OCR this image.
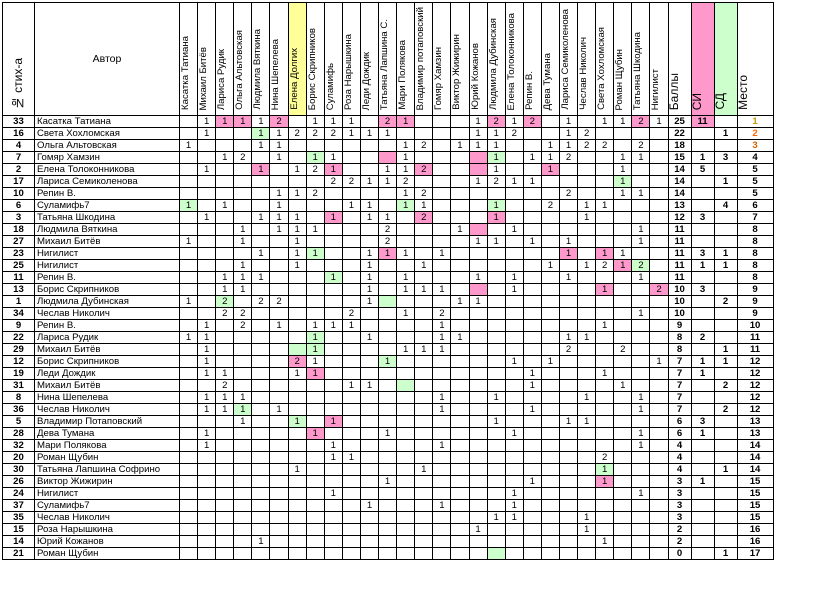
№ стих-а	Автор	Касатка Татиана	Михаил Битёв	Лариса Рудик	Ольга Альтовская	Людмила Вяткина	Нина Шепелева	Елена Долгих	Борис Скрипников	Суламифь	Роза Нарышкина	Леди Дождик	Татьяна Лапшина С.	Мари Полякова	Владимир потаповский	Гомяр Хамзин	Виктор Жижирин	Юрий Кожанов	Людмила Дубинская	Елена Толоконникова	Репин В.	Дева Тумана	Лариса Семиколенова	Чеслав Николич	Света Хохломская	Роман Щубин	Татьяна Шкодина	Нигилист	Баллы	СИ	СД	Место
33	Касатка Татиана		1	1	1	1	2		1	1	1		2	1				1	2	1	2		1		1	1	2	1	25	11		1
16	Света Хохломская		1			1	1	2	2	2	1	1	1					1	1	2			1	2					22		1	2
4	Ольга Альтовская	1				1	1							1	2		1	1	1			1	1	2	2		2		18			3
7	Гомяр Хамзин			1	2		1		1	1				1					1		1	1	2			1	1		15	1	3	4
2	Елена Толоконникова		1			1		1	2	1			1	1	2				1			1				1			14	5		5
17	Лариса Семиколенова									2	2	1	1	2				1	2	1	1					1			14		1	5
10	Репин В.						1	1	2					1	2								2			1	1		14			5
6	Суламифь7	1		1			1				1	1		1	1				1			2		1	1				13		4	6
3	Татьяна Шкодина		1			1	1	1		1		1	1		2				1					1					12	3		7
18	Людмила Вяткина				1		1	1	1				2				1			1							1		11			8
27	Михаил Битёв	1			1			1					2					1	1		1		1				1		11			8
23	Нигилист					1		1	1			1	1	1		1							1		1	1			11	3	1	8
25	Нигилист				1			1				1			1							1		1	2	1	2		11	1	1	8
11	Репин В.			1	1	1				1		1		1				1		1			1				1		11			8
13	Борис Скрипников			1	1							1		1	1	1				1					1			2	10	3		9
1	Людмила Дубинская	1		2		2	2					1					1	1											10		2	9
34	Чеслав Николич			2	2						2			1		2											1		10			9
9	Репин В.		1		2		1		1	1	1					1									1				9			10
22	Лариса Рудик	1	1						1			1				1	1						1	1					8	2		11
29	Михаил Битёв		1						1					1	1	1							2			2			8		1	11
12	Борис Скрипников		1					2	1				1							1		1						1	7	1	1	12
19	Леди Дождик		1	1				1	1												1				1				7	1		12
31	Михаил Битёв			2							1	1									1					1			7		2	12
8	Нина Шепелева		1	1	1											1			1					1			1		7			12
36	Чеслав Николич		1	1	1		1									1					1						1		7		2	12
5	Владимир Потаповский				1			1		1									1				1	1					6	3		13
28	Дева Тумана		1						1				1							1							1		6	1		13
32	Мари Полякова		1							1						1											1		4			14
20	Роман Щубин									1	1														2				4			14
30	Татьяна Лапшина Софрино							1							1										1				4		1	14
26	Виктор Жижирин												1								1				1				3	1		15
24	Нигилист									1										1							1		3			15
37	Суламифь7											1				1				1									3			15
35	Чеслав Николич																		1	1				1					3			15
15	Роза Нарышкина																	1						1					2			16
14	Юрий Кожанов					1																			1				2			16
21	Роман Щубин																												0		1	17
